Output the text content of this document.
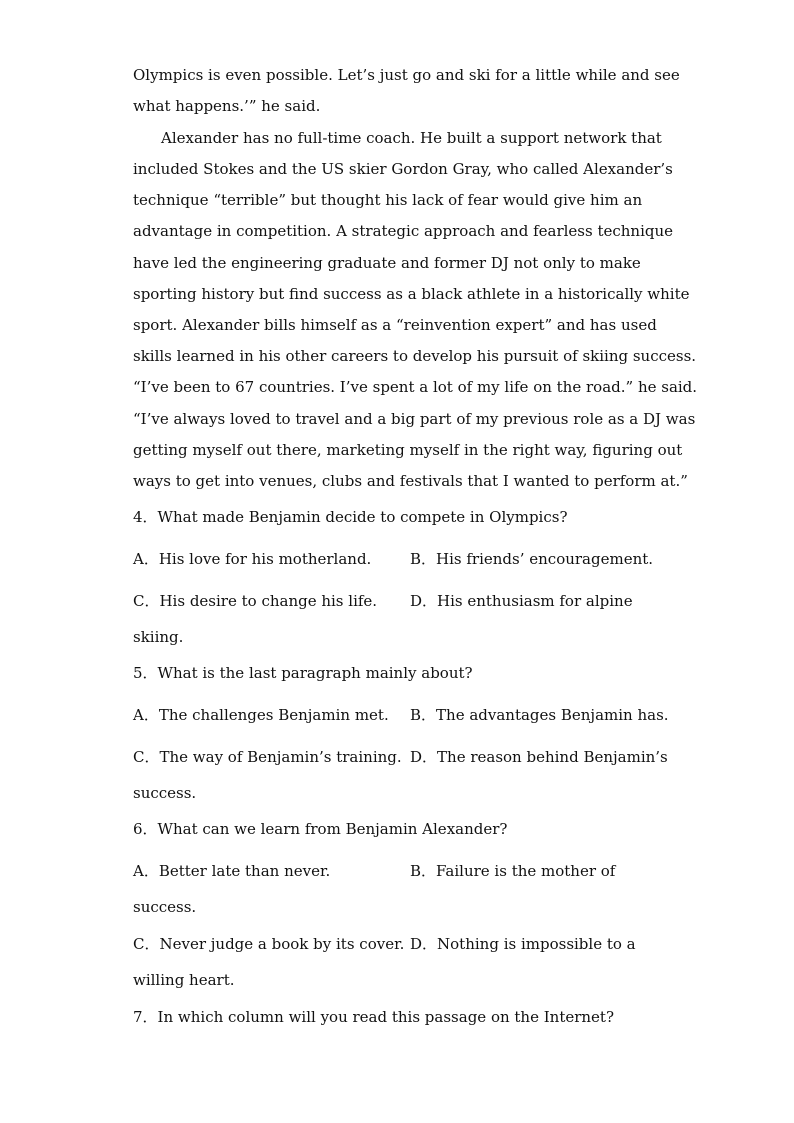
Olympics is even possible. Let’s just go and ski for a little while and see
what happens.’” he said.
Alexander has no full-time coach. He built a support network that
included Stokes and the US skier Gordon Gray, who called Alexander’s
technique “terrible” but thought his lack of fear would give him an
advantage in competition. A strategic approach and fearless technique
have led the engineering graduate and former DJ not only to make
sporting history but find success as a black athlete in a historically white
sport. Alexander bills himself as a “reinvention expert” and has used
skills learned in his other careers to develop his pursuit of skiing success.
“I’ve been to 67 countries. I’ve spent a lot of my life on the road.” he said.
“I’ve always loved to travel and a big part of my previous role as a DJ was
getting myself out there, marketing myself in the right way, figuring out
ways to get into venues, clubs and festivals that I wanted to perform at.”
4．What made Benjamin decide to compete in Olympics?
A．His love for his motherland.	B．His friends’ encouragement.
C．His desire to change his life. D．His enthusiasm for alpine
skiing.
5．What is the last paragraph mainly about?
A．The challenges Benjamin met. B．The advantages Benjamin has.
C．The way of Benjamin’s training. D．The reason behind Benjamin’s
success.
6．What can we learn from Benjamin Alexander?
A．Better late than never.	B．Failure is the mother of
success.
C．Never judge a book by its cover. D．Nothing is impossible to a
willing heart.
7．In which column will you read this passage on the Internet?
